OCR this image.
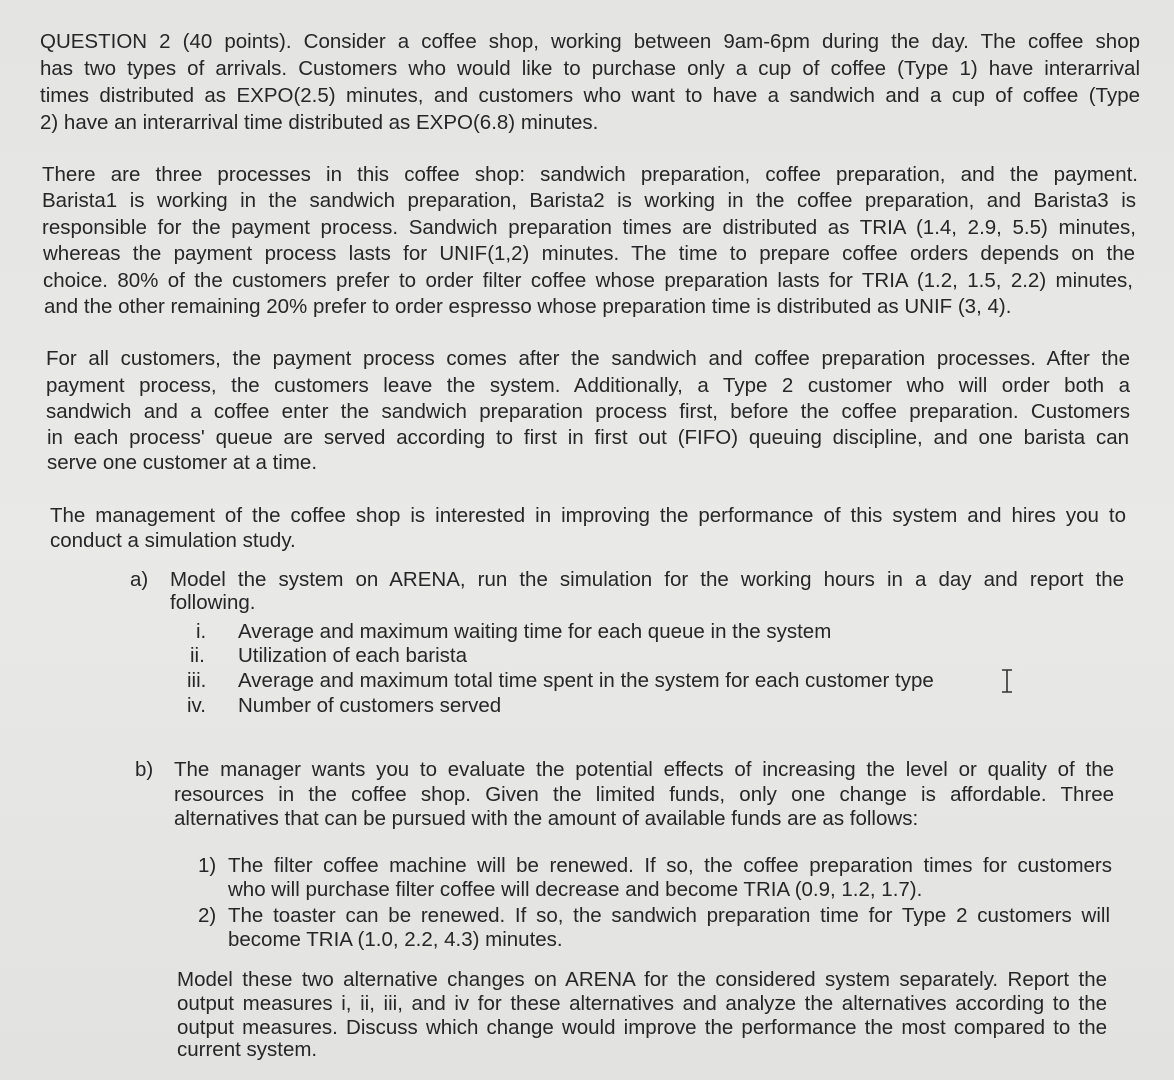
QUESTION 2 (40 points). Consider a coffee shop, working between 9am-6pm during the day. The coffee shop
has two types of arrivals. Customers who would like to purchase only a cup of coffee (Type 1) have interarrival
times distributed as EXPO(2.5) minutes, and customers who want to have a sandwich and a cup of coffee (Type
2) have an interarrival time distributed as EXPO(6.8) minutes.
There are three processes in this coffee shop: sandwich preparation, coffee preparation, and the payment.
Barista1 is working in the sandwich preparation, Barista2 is working in the coffee preparation, and Barista3 is
responsible for the payment process. Sandwich preparation times are distributed as TRIA (1.4, 2.9, 5.5) minutes,
whereas the payment process lasts for UNIF(1,2) minutes. The time to prepare coffee orders depends on the
choice. 80% of the customers prefer to order filter coffee whose preparation lasts for TRIA (1.2, 1.5, 2.2) minutes,
and the other remaining 20% prefer to order espresso whose preparation time is distributed as UNIF (3, 4).
For all customers, the payment process comes after the sandwich and coffee preparation processes. After the
payment process, the customers leave the system. Additionally, a Type 2 customer who will order both a
sandwich and a coffee enter the sandwich preparation process first, before the coffee preparation. Customers
in each process' queue are served according to first in first out (FIFO) queuing discipline, and one barista can
serve one customer at a time.
The management of the coffee shop is interested in improving the performance of this system and hires you to
conduct a simulation study.
a) Model the system on ARENA, run the simulation for the working hours in a day and report the
following.
i. Average and maximum waiting time for each queue in the system
ii. Utilization of each barista
iii. Average and maximum total time spent in the system for each customer type
iv. Number of customers served
b) The manager wants you to evaluate the potential effects of increasing the level or quality of the
resources in the coffee shop. Given the limited funds, only one change is affordable. Three
alternatives that can be pursued with the amount of available funds are as follows:
1) The filter coffee machine will be renewed. If so, the coffee preparation times for customers
who will purchase filter coffee will decrease and become TRIA (0.9, 1.2, 1.7).
2) The toaster can be renewed. If so, the sandwich preparation time for Type 2 customers will
become TRIA (1.0, 2.2, 4.3) minutes.
Model these two alternative changes on ARENA for the considered system separately. Report the
output measures i, ii, iii, and iv for these alternatives and analyze the alternatives according to the
output measures. Discuss which change would improve the performance the most compared to the
current system.
